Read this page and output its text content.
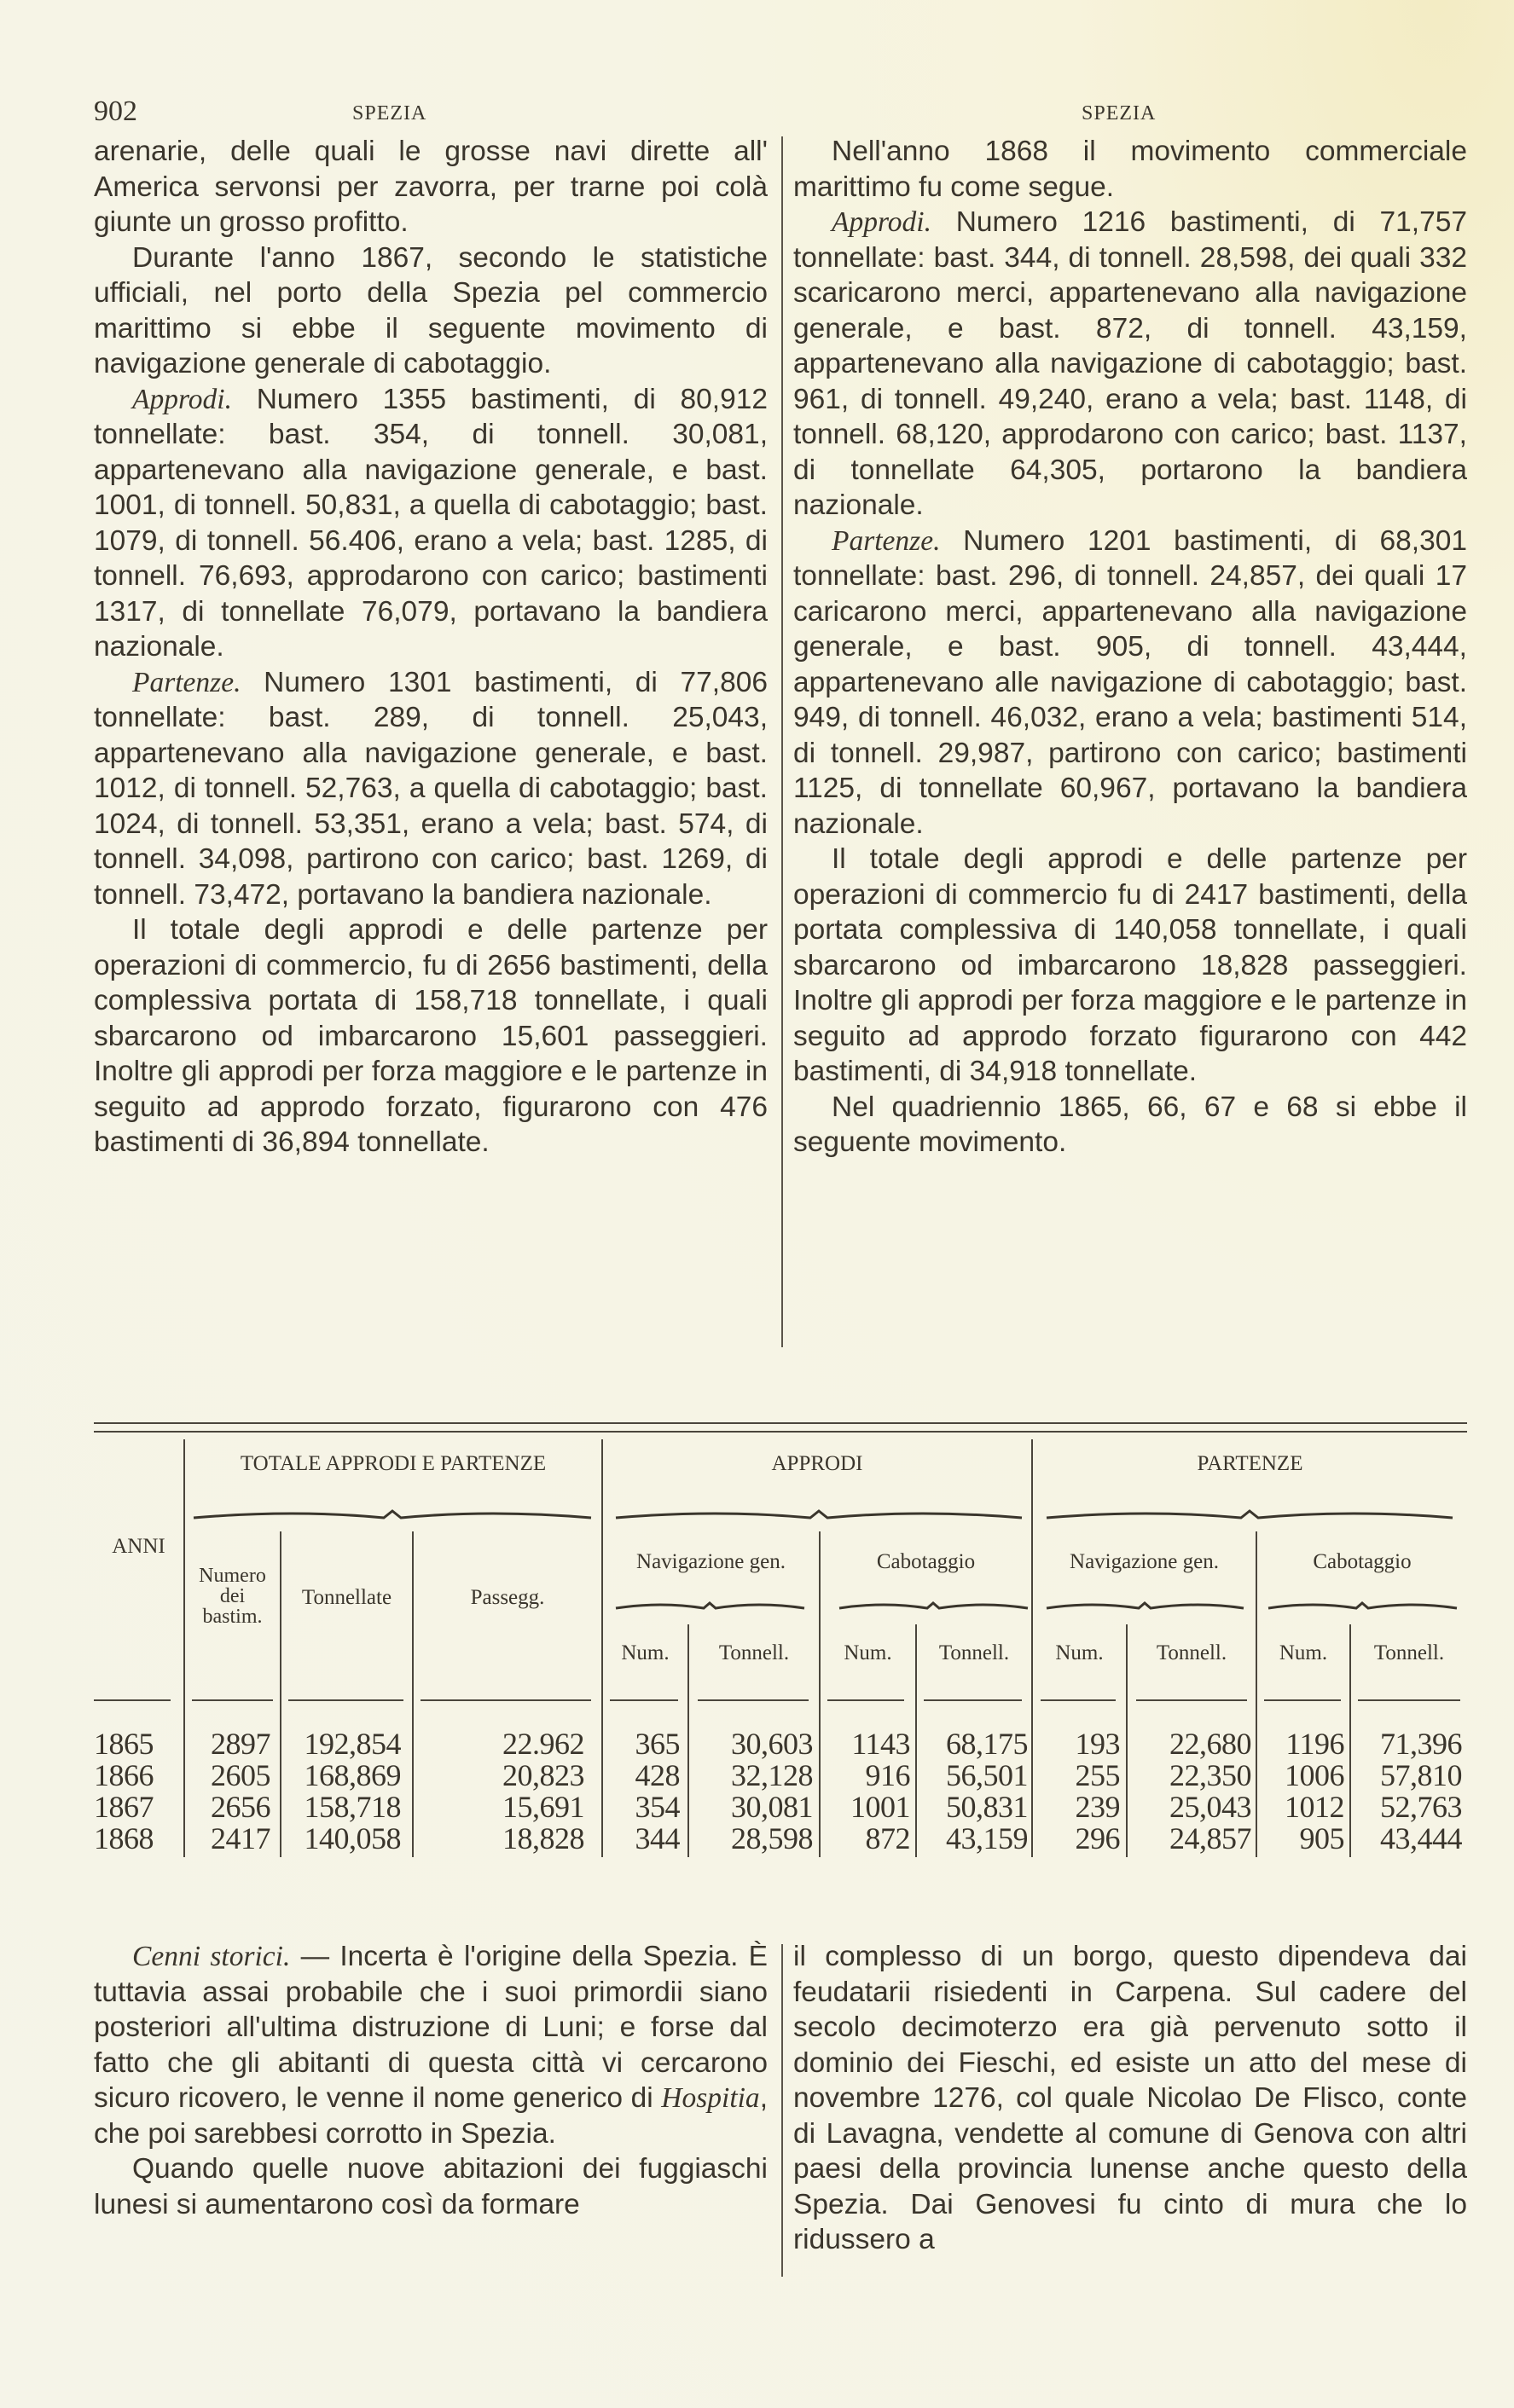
902	SPEZIA	SPEZIA

arenarie, delle quali le grosse navi dirette all' America servonsi per zavorra, per trarne poi colà giunte un grosso profitto.

Durante l'anno 1867, secondo le statistiche ufficiali, nel porto della Spezia pel commercio marittimo si ebbe il seguente movimento di navigazione generale di cabotaggio.

Approdi. Numero 1355 bastimenti, di 80,912 tonnellate: bast. 354, di tonnell. 30,081, appartenevano alla navigazione generale, e bast. 1001, di tonnell. 50,831, a quella di cabotaggio; bast. 1079, di tonnell. 56.406, erano a vela; bast. 1285, di tonnell. 76,693, approdarono con carico; bastimenti 1317, di tonnellate 76,079, portavano la bandiera nazionale.

Partenze. Numero 1301 bastimenti, di 77,806 tonnellate: bast. 289, di tonnell. 25,043, appartenevano alla navigazione generale, e bast. 1012, di tonnell. 52,763, a quella di cabotaggio; bast. 1024, di tonnell. 53,351, erano a vela; bast. 574, di tonnell. 34,098, partirono con carico; bast. 1269, di tonnell. 73,472, portavano la bandiera nazionale.

Il totale degli approdi e delle partenze per operazioni di commercio, fu di 2656 bastimenti, della complessiva portata di 158,718 tonnellate, i quali sbarcarono od imbarcarono 15,601 passeggieri. Inoltre gli approdi per forza maggiore e le partenze in seguito ad approdo forzato, figurarono con 476 bastimenti di 36,894 tonnellate.

Nell'anno 1868 il movimento commerciale marittimo fu come segue.

Approdi. Numero 1216 bastimenti, di 71,757 tonnellate: bast. 344, di tonnell. 28,598, dei quali 332 scaricarono merci, appartenevano alla navigazione generale, e bast. 872, di tonnell. 43,159, appartenevano alla navigazione di cabotaggio; bast. 961, di tonnell. 49,240, erano a vela; bast. 1148, di tonnell. 68,120, approdarono con carico; bast. 1137, di tonnellate 64,305, portarono la bandiera nazionale.

Partenze. Numero 1201 bastimenti, di 68,301 tonnellate: bast. 296, di tonnell. 24,857, dei quali 17 caricarono merci, appartenevano alla navigazione generale, e bast. 905, di tonnell. 43,444, appartenevano alle navigazione di cabotaggio; bast. 949, di tonnell. 46,032, erano a vela; bastimenti 514, di tonnell. 29,987, partirono con carico; bastimenti 1125, di tonnellate 60,967, portavano la bandiera nazionale.

Il totale degli approdi e delle partenze per operazioni di commercio fu di 2417 bastimenti, della portata complessiva di 140,058 tonnellate, i quali sbarcarono od imbarcarono 18,828 passeggieri. Inoltre gli approdi per forza maggiore e le partenze in seguito ad approdo forzato figurarono con 442 bastimenti, di 34,918 tonnellate.

Nel quadriennio 1865, 66, 67 e 68 si ebbe il seguente movimento.

ANNI
TOTALE APPRODI E PARTENZE	APPRODI	PARTENZE
Numero
dei
bastim.
Tonnellate	Passegg.
Navigazione gen.	Cabotaggio	Navigazione gen.	Cabotaggio
Num.	Tonnell.	Num.	Tonnell.	Num.	Tonnell.	Num.	Tonnell.
1865	2897	192,854	22.962	365	30,603	1143	68,175	193	22,680	1196	71,396
1866	2605	168,869	20,823	428	32,128	916	56,501	255	22,350	1006	57,810
1867	2656	158,718	15,691	354	30,081	1001	50,831	239	25,043	1012	52,763
1868	2417	140,058	18,828	344	28,598	872	43,159	296	24,857	905	43,444

Cenni storici. — Incerta è l'origine della Spezia. È tuttavia assai probabile che i suoi primordii siano posteriori all'ultima distruzione di Luni; e forse dal fatto che gli abitanti di questa città vi cercarono sicuro ricovero, le venne il nome generico di Hospitia, che poi sarebbesi corrotto in Spezia.

Quando quelle nuove abitazioni dei fuggiaschi lunesi si aumentarono così da formare

il complesso di un borgo, questo dipendeva dai feudatarii risiedenti in Carpena. Sul cadere del secolo decimoterzo era già pervenuto sotto il dominio dei Fieschi, ed esiste un atto del mese di novembre 1276, col quale Nicolao De Flisco, conte di Lavagna, vendette al comune di Genova con altri paesi della provincia lunense anche questo della Spezia. Dai Genovesi fu cinto di mura che lo ridussero a
